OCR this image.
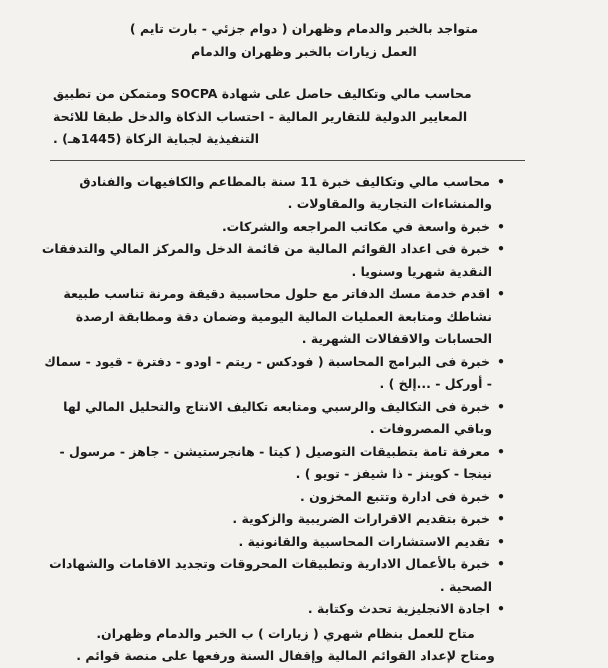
متواجد بالخبر والدمام وظهران ( دوام جزئي - بارت تايم )
العمل زيارات بالخبر وظهران والدمام
محاسب مالي وتكاليف حاصل على شهادة SOCPA ومتمكن من تطبيق المعايير الدولية للتقارير المالية - احتساب الذكاة والدخل طبقا للائحة التنفيذية لجباية الزكاة (1445هـ) .
• محاسب مالي وتكاليف خبرة 11 سنة بالمطاعم والكافيهات والفنادق والمنشاءات التجارية والمقاولات .
• خبرة واسعة في مكاتب المراجعه والشركات.
• خبرة فى اعداد القوائم المالية من قائمة الدخل والمركز المالي والتدفقات النقدية شهريا وسنويا .
• اقدم خدمة مسك الدفاتر مع حلول محاسبية دقيقة ومرنة تناسب طبيعة نشاطك ومتابعة العمليات المالية اليومية وضمان دقة ومطابقة ارصدة الحسابات والاقفالات الشهرية .
• خبرة فى البرامج المحاسبة ( فودكس - ريتم - اودو - دفترة - قيود - سماك - أوركل - ...إلخ ) .
• خبرة فى التكاليف والرسبي ومتابعه تكاليف الانتاج والتحليل المالي لها وباقي المصروفات .
• معرفة تامة بتطبيقات التوصيل ( كيتا - هانجرستيشن - جاهز - مرسول - نينجا - كوينز - ذا شيفز - تويو ) .
• خبرة فى ادارة وتتبع المخزون .
• خبرة بتقديم الاقرارات الضريبية والزكوية .
• تقديم الاستشارات المحاسبية والقانونية .
• خبرة بالأعمال الادارية وتطبيقات المحروقات وتجديد الاقامات والشهادات الصحية .
• اجادة الانجليزية تحدث وكتابة .
متاح للعمل بنظام شهري ( زيارات ) ب الخبر والدمام وظهران.
ومتاح لإعداد القوائم المالية وإقفال السنة ورفعها على منصة قوائم .
